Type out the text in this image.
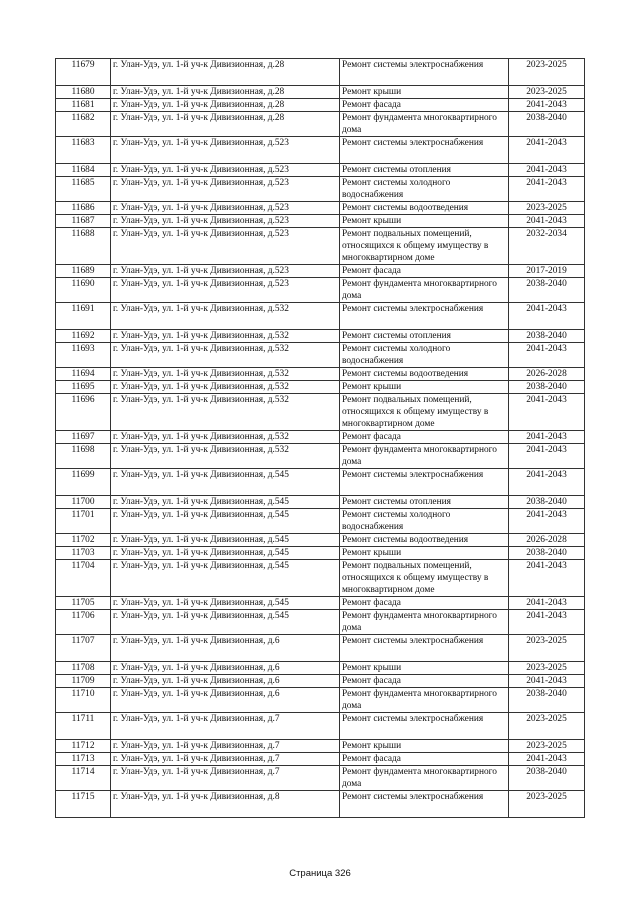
11679	г. Улан-Удэ, ул. 1-й уч-к Дивизионная, д.28	Ремонт системы электроснабжения	2023-2025
11680	г. Улан-Удэ, ул. 1-й уч-к Дивизионная, д.28	Ремонт крыши	2023-2025
11681	г. Улан-Удэ, ул. 1-й уч-к Дивизионная, д.28	Ремонт фасада	2041-2043
11682	г. Улан-Удэ, ул. 1-й уч-к Дивизионная, д.28	Ремонт фундамента многоквартирного дома	2038-2040
11683	г. Улан-Удэ, ул. 1-й уч-к Дивизионная, д.523	Ремонт системы электроснабжения	2041-2043
11684	г. Улан-Удэ, ул. 1-й уч-к Дивизионная, д.523	Ремонт системы отопления	2041-2043
11685	г. Улан-Удэ, ул. 1-й уч-к Дивизионная, д.523	Ремонт системы холодного водоснабжения	2041-2043
11686	г. Улан-Удэ, ул. 1-й уч-к Дивизионная, д.523	Ремонт системы водоотведения	2023-2025
11687	г. Улан-Удэ, ул. 1-й уч-к Дивизионная, д.523	Ремонт крыши	2041-2043
11688	г. Улан-Удэ, ул. 1-й уч-к Дивизионная, д.523	Ремонт подвальных помещений, относящихся к общему имуществу в многоквартирном доме	2032-2034
11689	г. Улан-Удэ, ул. 1-й уч-к Дивизионная, д.523	Ремонт фасада	2017-2019
11690	г. Улан-Удэ, ул. 1-й уч-к Дивизионная, д.523	Ремонт фундамента многоквартирного дома	2038-2040
11691	г. Улан-Удэ, ул. 1-й уч-к Дивизионная, д.532	Ремонт системы электроснабжения	2041-2043
11692	г. Улан-Удэ, ул. 1-й уч-к Дивизионная, д.532	Ремонт системы отопления	2038-2040
11693	г. Улан-Удэ, ул. 1-й уч-к Дивизионная, д.532	Ремонт системы холодного водоснабжения	2041-2043
11694	г. Улан-Удэ, ул. 1-й уч-к Дивизионная, д.532	Ремонт системы водоотведения	2026-2028
11695	г. Улан-Удэ, ул. 1-й уч-к Дивизионная, д.532	Ремонт крыши	2038-2040
11696	г. Улан-Удэ, ул. 1-й уч-к Дивизионная, д.532	Ремонт подвальных помещений, относящихся к общему имуществу в многоквартирном доме	2041-2043
11697	г. Улан-Удэ, ул. 1-й уч-к Дивизионная, д.532	Ремонт фасада	2041-2043
11698	г. Улан-Удэ, ул. 1-й уч-к Дивизионная, д.532	Ремонт фундамента многоквартирного дома	2041-2043
11699	г. Улан-Удэ, ул. 1-й уч-к Дивизионная, д.545	Ремонт системы электроснабжения	2041-2043
11700	г. Улан-Удэ, ул. 1-й уч-к Дивизионная, д.545	Ремонт системы отопления	2038-2040
11701	г. Улан-Удэ, ул. 1-й уч-к Дивизионная, д.545	Ремонт системы холодного водоснабжения	2041-2043
11702	г. Улан-Удэ, ул. 1-й уч-к Дивизионная, д.545	Ремонт системы водоотведения	2026-2028
11703	г. Улан-Удэ, ул. 1-й уч-к Дивизионная, д.545	Ремонт крыши	2038-2040
11704	г. Улан-Удэ, ул. 1-й уч-к Дивизионная, д.545	Ремонт подвальных помещений, относящихся к общему имуществу в многоквартирном доме	2041-2043
11705	г. Улан-Удэ, ул. 1-й уч-к Дивизионная, д.545	Ремонт фасада	2041-2043
11706	г. Улан-Удэ, ул. 1-й уч-к Дивизионная, д.545	Ремонт фундамента многоквартирного дома	2041-2043
11707	г. Улан-Удэ, ул. 1-й уч-к Дивизионная, д.6	Ремонт системы электроснабжения	2023-2025
11708	г. Улан-Удэ, ул. 1-й уч-к Дивизионная, д.6	Ремонт крыши	2023-2025
11709	г. Улан-Удэ, ул. 1-й уч-к Дивизионная, д.6	Ремонт фасада	2041-2043
11710	г. Улан-Удэ, ул. 1-й уч-к Дивизионная, д.6	Ремонт фундамента многоквартирного дома	2038-2040
11711	г. Улан-Удэ, ул. 1-й уч-к Дивизионная, д.7	Ремонт системы электроснабжения	2023-2025
11712	г. Улан-Удэ, ул. 1-й уч-к Дивизионная, д.7	Ремонт крыши	2023-2025
11713	г. Улан-Удэ, ул. 1-й уч-к Дивизионная, д.7	Ремонт фасада	2041-2043
11714	г. Улан-Удэ, ул. 1-й уч-к Дивизионная, д.7	Ремонт фундамента многоквартирного дома	2038-2040
11715	г. Улан-Удэ, ул. 1-й уч-к Дивизионная, д.8	Ремонт системы электроснабжения	2023-2025
Страница 326
